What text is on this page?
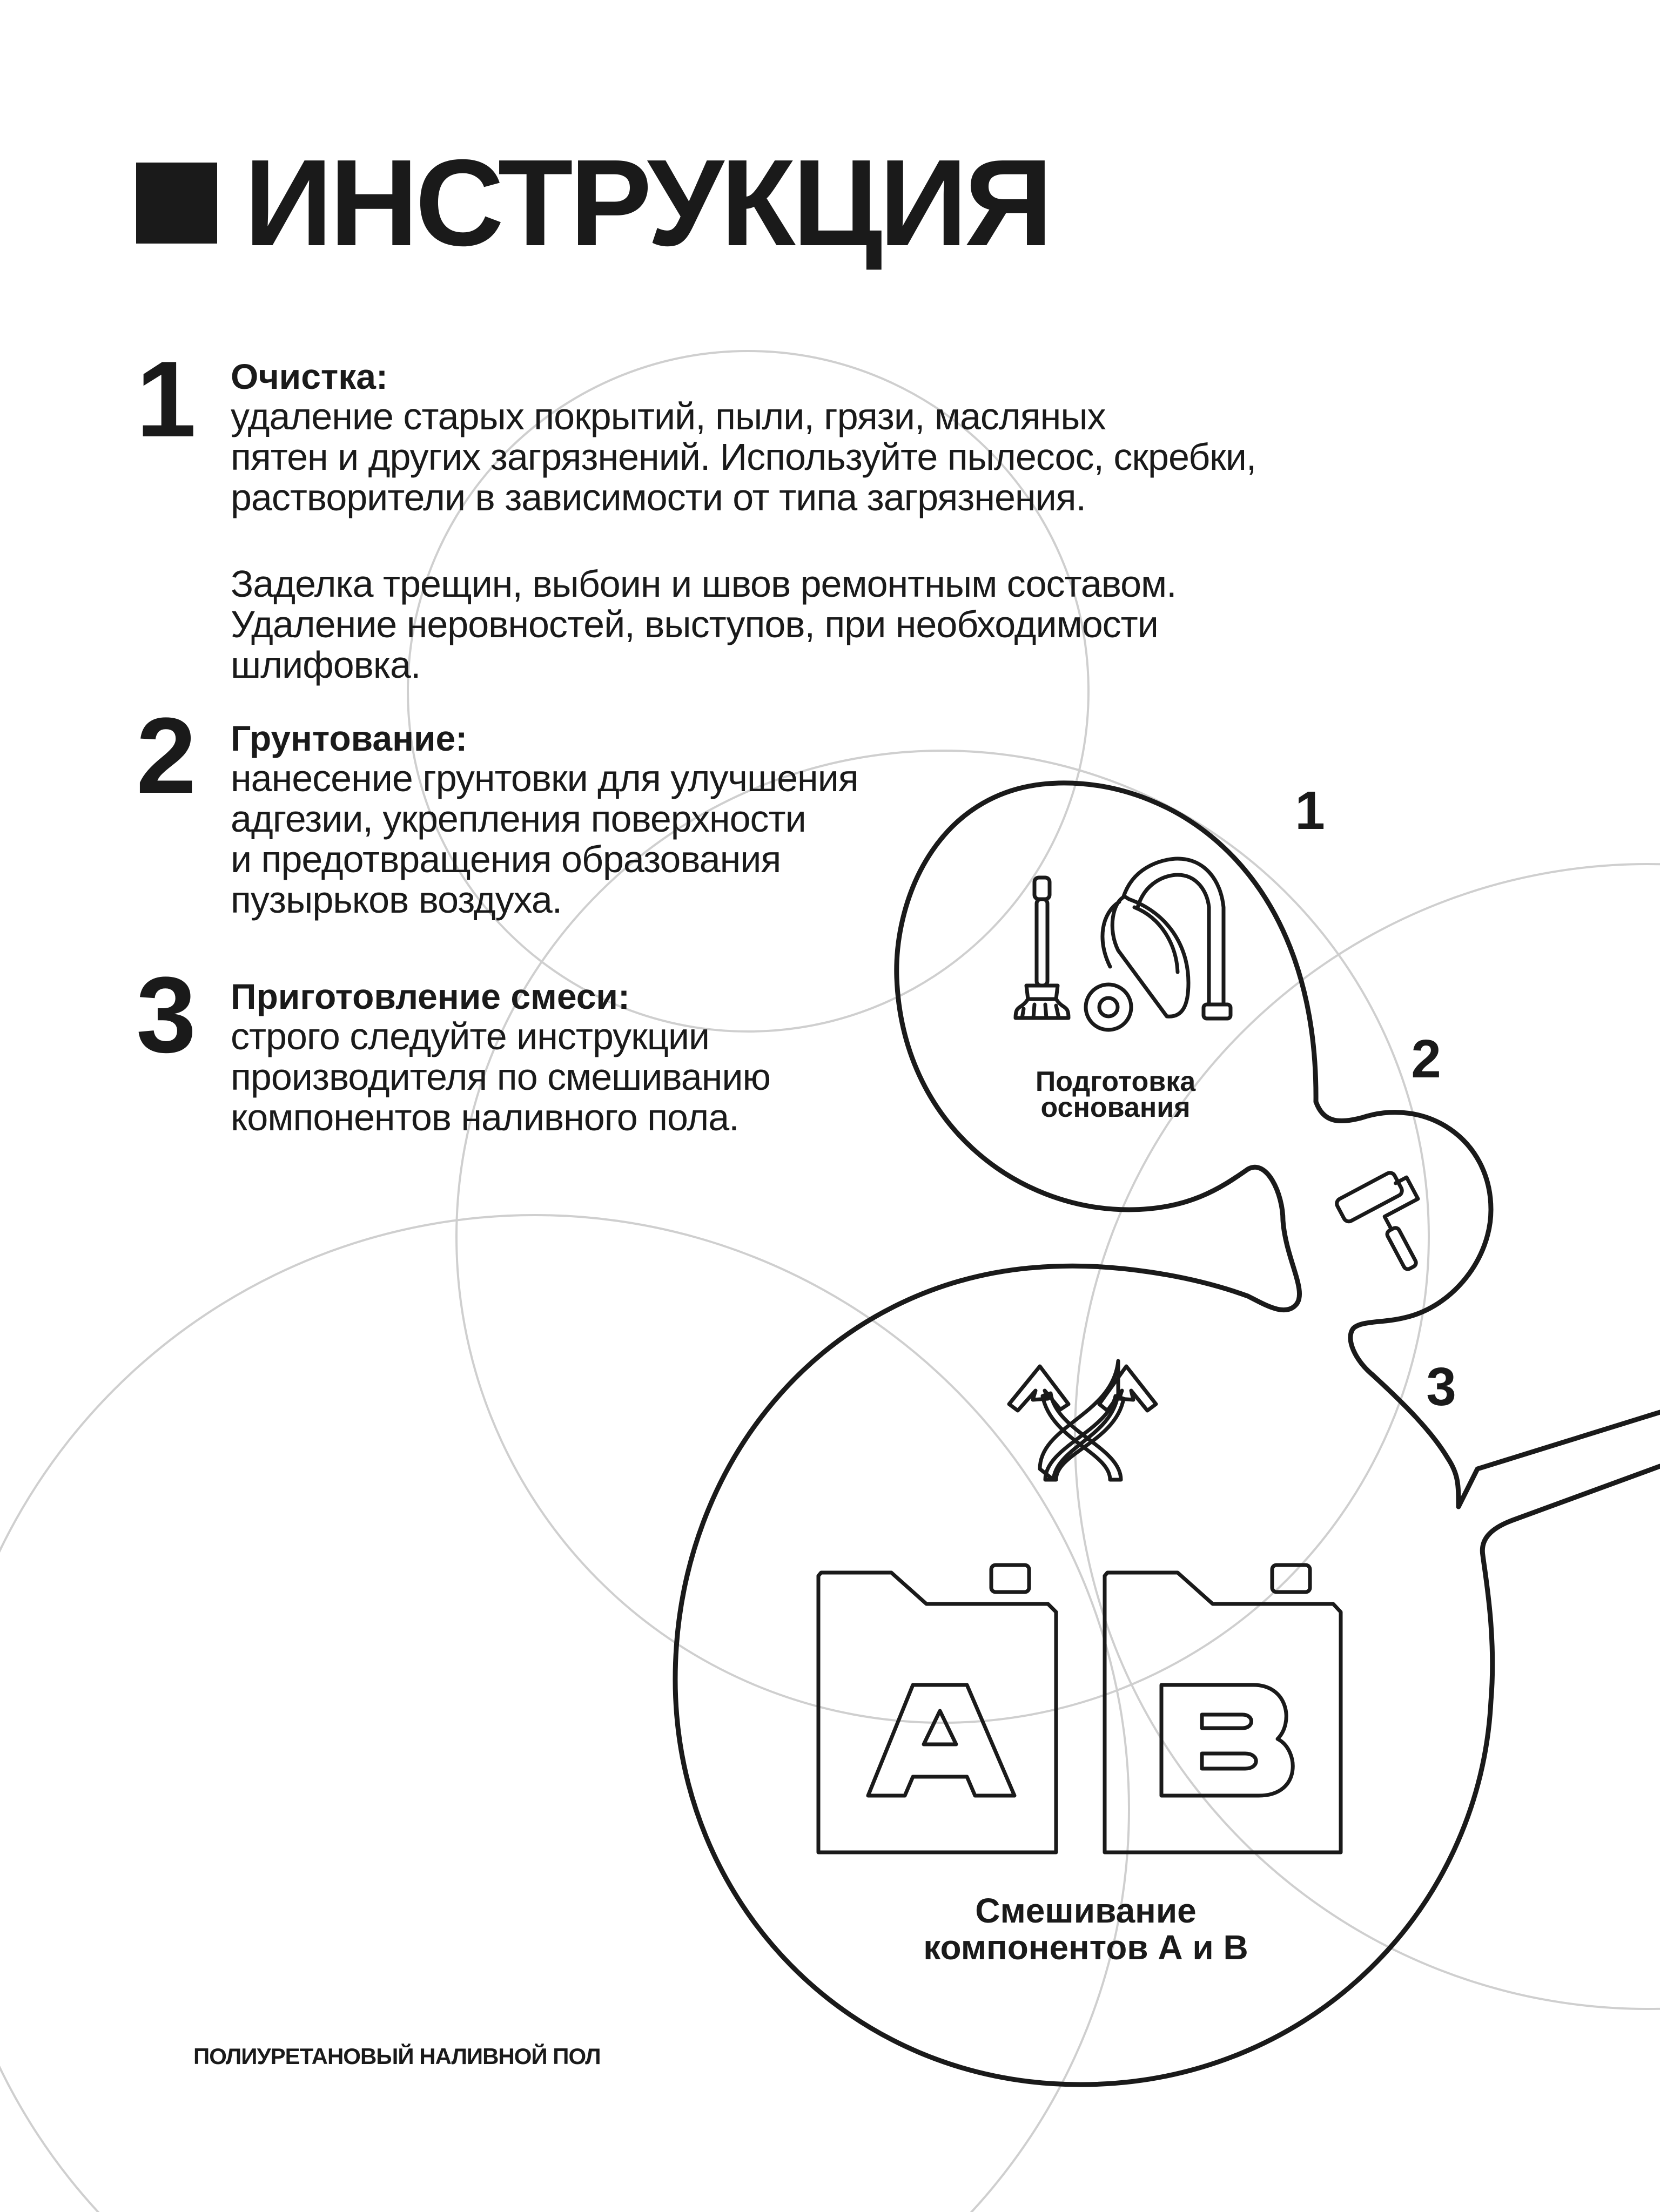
ИНСТРУКЦИЯ
1 Очистка:
удаление старых покрытий, пыли, грязи, масляных
пятен и других загрязнений. Используйте пылесос, скребки,
растворители в зависимости от типа загрязнения.
Заделка трещин, выбоин и швов ремонтным составом.
Удаление неровностей, выступов, при необходимости
шлифовка.
2 Грунтование:
нанесение грунтовки для улучшения
адгезии, укрепления поверхности
и предотвращения образования
пузырьков воздуха.
3 Приготовление смеси:
строго следуйте инструкции
производителя по смешиванию
компонентов наливного пола.
1
2
3
Подготовка
основания
Смешивание
компонентов А и В
ПОЛИУРЕТАНОВЫЙ НАЛИВНОЙ ПОЛ
